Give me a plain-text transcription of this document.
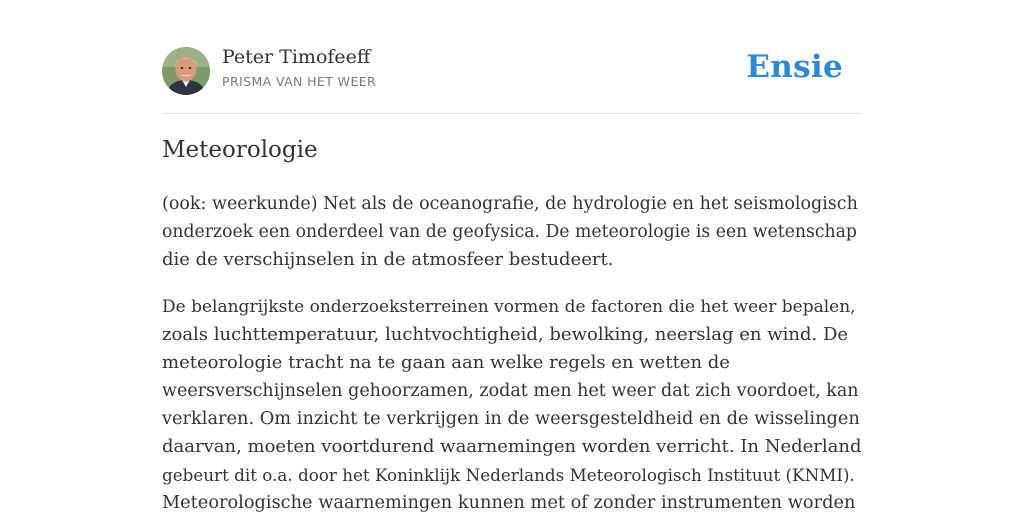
Peter Timofeeff
PRISMA VAN HET WEER	Ensie
Meteorologie

(ook: weerkunde) Net als de oceanografie, de hydrologie en het seismologisch
onderzoek een onderdeel van de geofysica. De meteorologie is een wetenschap
die de verschijnselen in de atmosfeer bestudeert.

De belangrijkste onderzoeksterreinen vormen de factoren die het weer bepalen,
zoals luchttemperatuur, luchtvochtigheid, bewolking, neerslag en wind. De
meteorologie tracht na te gaan aan welke regels en wetten de
weersverschijnselen gehoorzamen, zodat men het weer dat zich voordoet, kan
verklaren. Om inzicht te verkrijgen in de weersgesteldheid en de wisselingen
daarvan, moeten voortdurend waarnemingen worden verricht. In Nederland
gebeurt dit o.a. door het Koninklijk Nederlands Meteorologisch Instituut (KNMI).
Meteorologische waarnemingen kunnen met of zonder instrumenten worden
